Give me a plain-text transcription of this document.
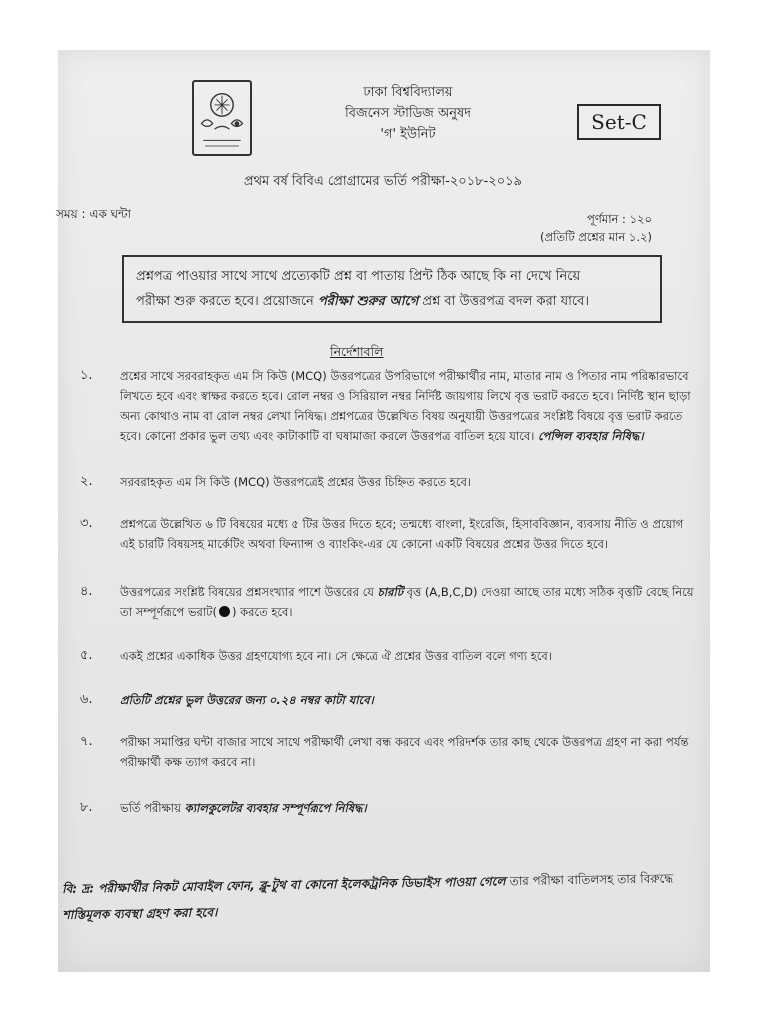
ঢাকা বিশ্ববিদ্যালয়
বিজনেস স্টাডিজ অনুষদ
'গ' ইউনিট
Set-C
প্রথম বর্ষ বিবিএ প্রোগ্রামের ভর্তি পরীক্ষা-২০১৮-২০১৯
সময় : এক ঘন্টা	পূর্ণমান : ১২০
(প্রতিটি প্রশ্নের মান ১.২)
প্রশ্নপত্র পাওয়ার সাথে সাথে প্রত্যেকটি প্রশ্ন বা পাতায় প্রিন্ট ঠিক আছে কি না দেখে নিয়ে
পরীক্ষা শুরু করতে হবে। প্রয়োজনে পরীক্ষা শুরুর আগে প্রশ্ন বা উত্তরপত্র বদল করা যাবে।
নির্দেশাবলি
১.	প্রশ্নের সাথে সরবরাহকৃত এম সি কিউ (MCQ) উত্তরপত্রের উপরিভাগে পরীক্ষার্থীর নাম, মাতার নাম ও পিতার নাম পরিষ্কারভাবে লিখতে হবে এবং স্বাক্ষর করতে হবে। রোল নম্বর ও সিরিয়াল নম্বর নির্দিষ্ট জায়গায় লিখে বৃত্ত ভরাট করতে হবে। নির্দিষ্ট স্থান ছাড়া অন্য কোথাও নাম বা রোল নম্বর লেখা নিষিদ্ধ। প্রশ্নপত্রের উল্লেখিত বিষয় অনুযায়ী উত্তরপত্রের সংশ্লিষ্ট বিষয়ে বৃত্ত ভরাট করতে হবে। কোনো প্রকার ভুল তথ্য এবং কাটাকাটি বা ঘষামাজা করলে উত্তরপত্র বাতিল হয়ে যাবে। পেন্সিল ব্যবহার নিষিদ্ধ।
২.	সরবরাহকৃত এম সি কিউ (MCQ) উত্তরপত্রেই প্রশ্নের উত্তর চিহ্নিত করতে হবে।
৩.	প্রশ্নপত্রে উল্লেখিত ৬ টি বিষয়ের মধ্যে ৫ টির উত্তর দিতে হবে; তন্মধ্যে বাংলা, ইংরেজি, হিসাববিজ্ঞান, ব্যবসায় নীতি ও প্রয়োগ এই চারটি বিষয়সহ মার্কেটিং অথবা ফিন্যান্স ও ব্যাংকিং-এর যে কোনো একটি বিষয়ের প্রশ্নের উত্তর দিতে হবে।
৪.	উত্তরপত্রের সংশ্লিষ্ট বিষয়ের প্রশ্নসংখ্যার পাশে উত্তরের যে চারটি বৃত্ত (A,B,C,D) দেওয়া আছে তার মধ্যে সঠিক বৃত্তটি বেছে নিয়ে তা সম্পূর্ণরূপে ভরাট( ) করতে হবে।
৫.	একই প্রশ্নের একাধিক উত্তর গ্রহণযোগ্য হবে না। সে ক্ষেত্রে ঐ প্রশ্নের উত্তর বাতিল বলে গণ্য হবে।
৬.	প্রতিটি প্রশ্নের ভুল উত্তরের জন্য ০.২৪ নম্বর কাটা যাবে।
৭.	পরীক্ষা সমাপ্তির ঘন্টা বাজার সাথে সাথে পরীক্ষার্থী লেখা বন্ধ করবে এবং পরিদর্শক তার কাছ থেকে উত্তরপত্র গ্রহণ না করা পর্যন্ত পরীক্ষার্থী কক্ষ ত্যাগ করবে না।
৮.	ভর্তি পরীক্ষায় ক্যালকুলেটর ব্যবহার সম্পূর্ণরূপে নিষিদ্ধ।
বি: দ্র: পরীক্ষার্থীর নিকট মোবাইল ফোন, ব্লু-টুথ বা কোনো ইলেকট্রনিক ডিভাইস পাওয়া গেলে তার পরীক্ষা বাতিলসহ তার বিরুদ্ধে
শাস্তিমূলক ব্যবস্থা গ্রহণ করা হবে।
